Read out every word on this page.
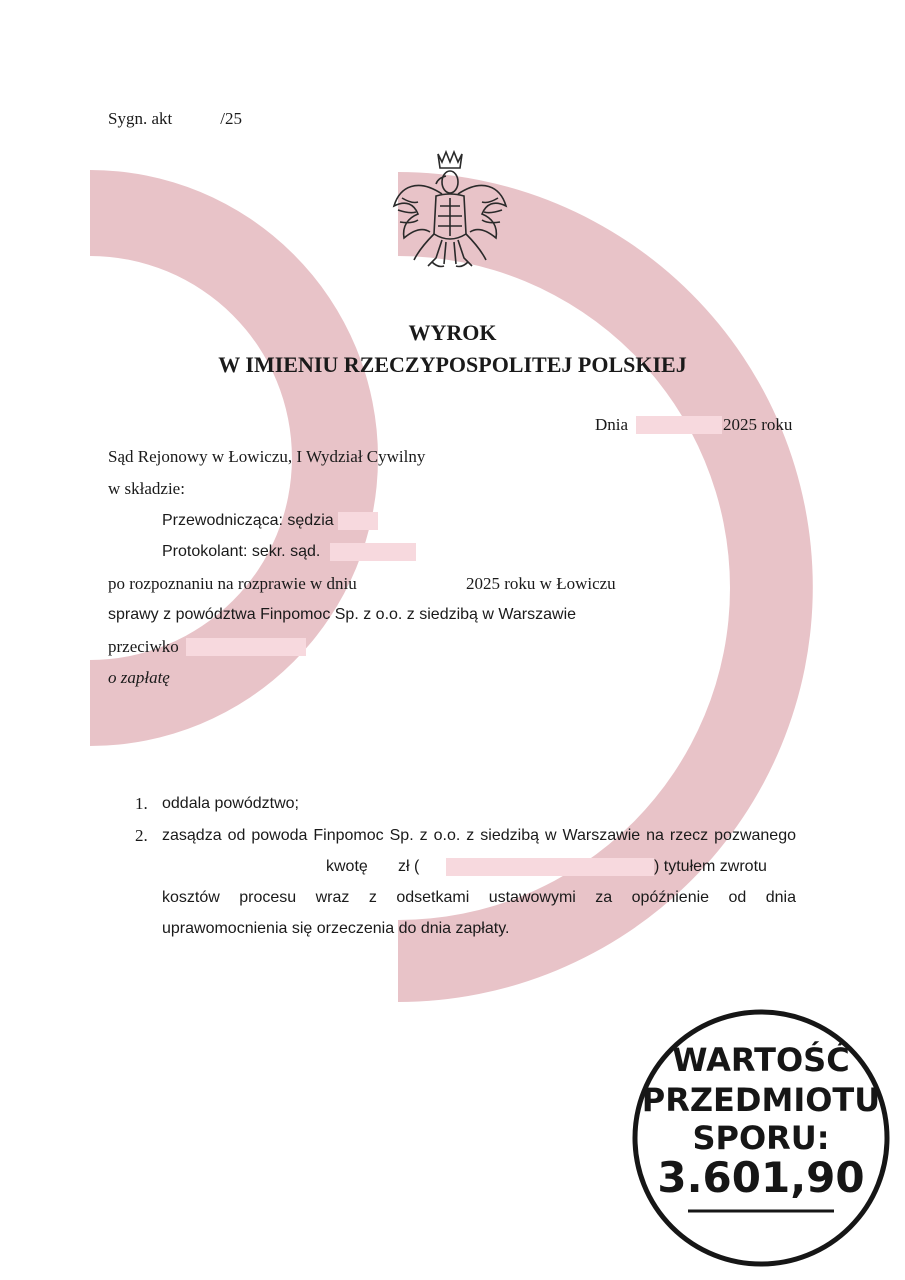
Sygn. akt	/25
WYROK
W IMIENIU RZECZYPOSPOLITEJ POLSKIEJ
Dnia	2025 roku
Sąd Rejonowy w Łowiczu, I Wydział Cywilny
w składzie:
Przewodnicząca: sędzia
Protokolant: sekr. sąd.
po rozpoznaniu na rozprawie w dniu	2025 roku w Łowiczu
sprawy z powództwa Finpomoc Sp. z o.o. z siedzibą w Warszawie
przeciwko
o zapłatę
1. oddala powództwo;
2. zasądza od powoda Finpomoc Sp. z o.o. z siedzibą w Warszawie na rzecz pozwanego
kwotę zł (	) tytułem zwrotu
kosztów procesu wraz z odsetkami ustawowymi za opóźnienie od dnia
uprawomocnienia się orzeczenia do dnia zapłaty.
WARTOŚĆ
PRZEDMIOTU
SPORU:
3.601,90
